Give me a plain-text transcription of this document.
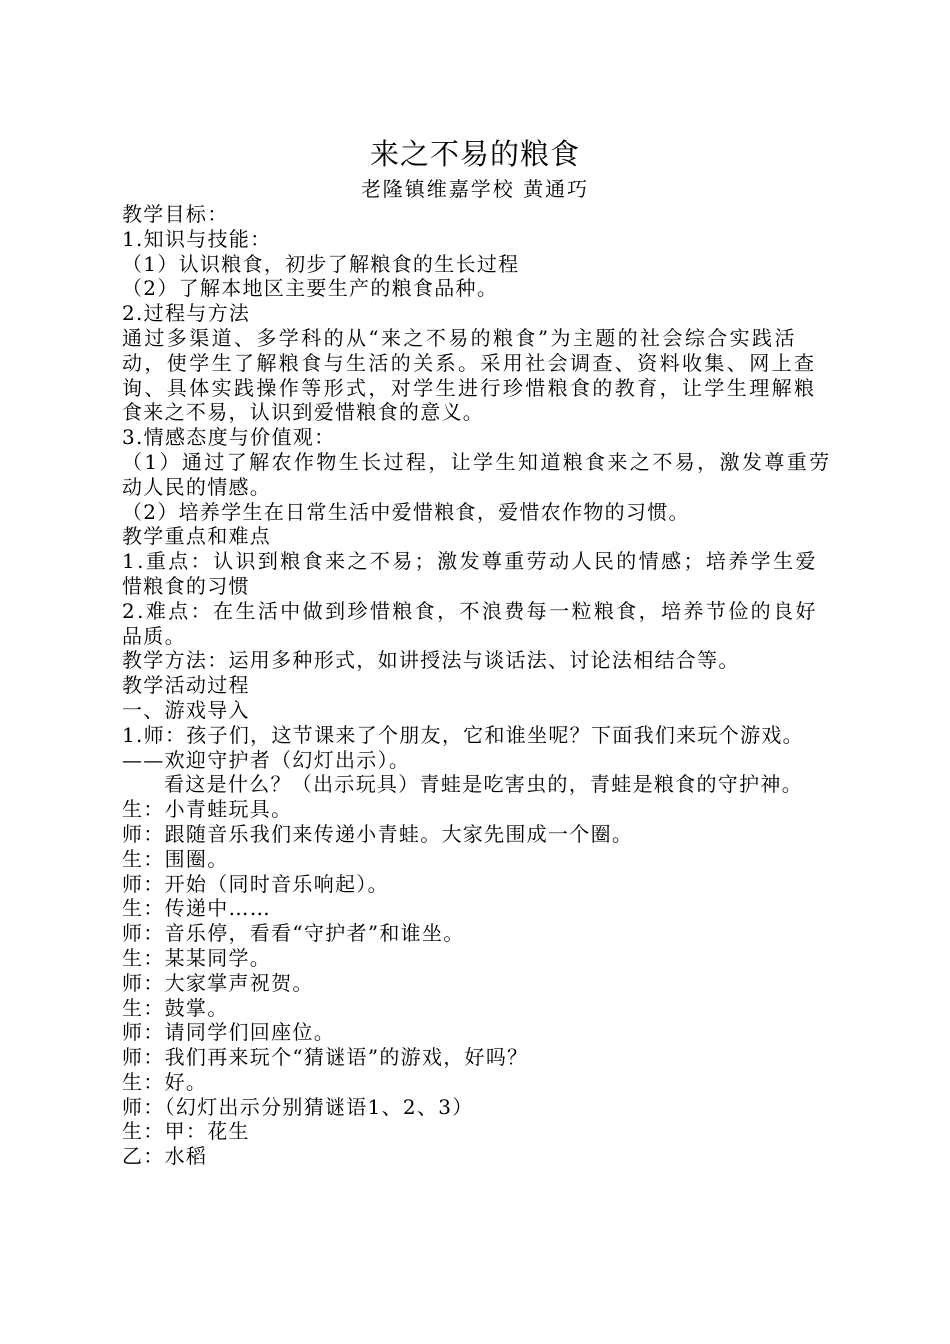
来之不易的粮食
老隆镇维嘉学校 黄通巧

教学目标：

1.知识与技能：

（1）认识粮食，初步了解粮食的生长过程

（2）了解本地区主要生产的粮食品种。

2.过程与方法

通过多渠道、多学科的从“来之不易的粮食”为主题的社会综合实践活

动，使学生了解粮食与生活的关系。采用社会调查、资料收集、网上查

询、具体实践操作等形式，对学生进行珍惜粮食的教育，让学生理解粮

食来之不易，认识到爱惜粮食的意义。

3.情感态度与价值观：

（1）通过了解农作物生长过程，让学生知道粮食来之不易，激发尊重劳

动人民的情感。

（2）培养学生在日常生活中爱惜粮食，爱惜农作物的习惯。

教学重点和难点

1.重点：认识到粮食来之不易；激发尊重劳动人民的情感；培养学生爱

惜粮食的习惯

2.难点：在生活中做到珍惜粮食，不浪费每一粒粮食，培养节俭的良好

品质。

教学方法：运用多种形式，如讲授法与谈话法、讨论法相结合等。

教学活动过程

一、游戏导入

1.师：孩子们，这节课来了个朋友，它和谁坐呢？下面我们来玩个游戏。

——欢迎守护者（幻灯出示）。

看这是什么？（出示玩具）青蛙是吃害虫的，青蛙是粮食的守护神。

生：小青蛙玩具。

师：跟随音乐我们来传递小青蛙。大家先围成一个圈。

生：围圈。

师：开始（同时音乐响起）。

生：传递中……

师：音乐停，看看“守护者”和谁坐。

生：某某同学。

师：大家掌声祝贺。

生：鼓掌。

师：请同学们回座位。

师：我们再来玩个“猜谜语”的游戏，好吗？

生：好。

师：（幻灯出示分别猜谜语1、2、3）

生：甲：花生

乙：水稻
